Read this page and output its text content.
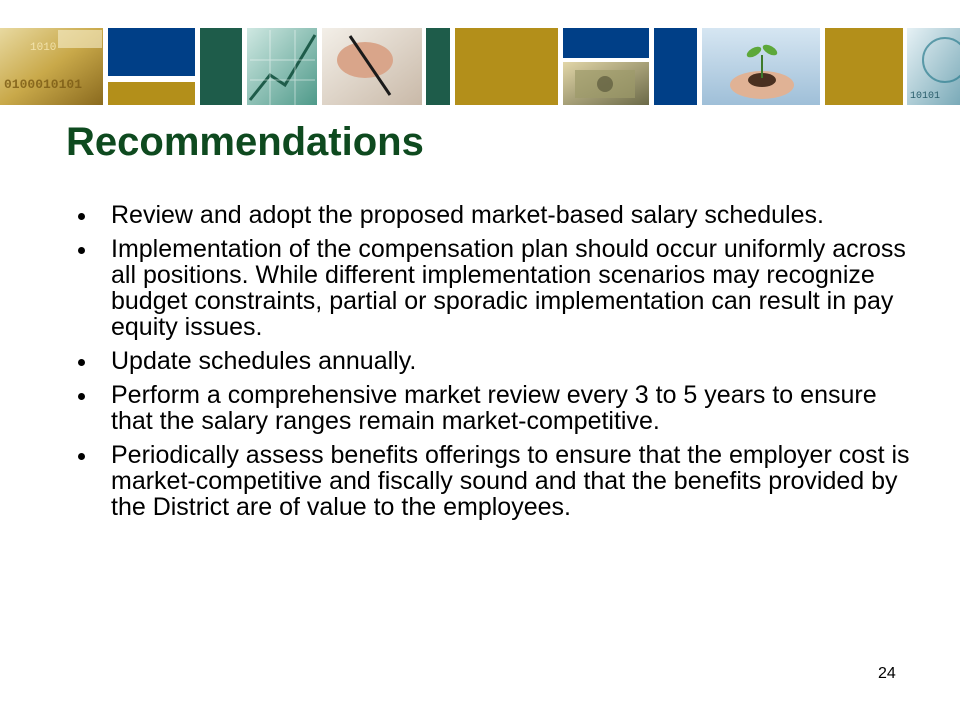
0100010101
1010
10101
Recommendations
Review and adopt the proposed market-based salary schedules.
Implementation of the compensation plan should occur uniformly across all positions. While different implementation scenarios may recognize budget constraints, partial or sporadic implementation can result in pay equity issues.
Update schedules annually.
Perform a comprehensive market review every 3 to 5 years to ensure that the salary ranges remain market-competitive.
Periodically assess benefits offerings to ensure that the employer cost is market-competitive and fiscally sound and that the benefits provided by the District are of value to the employees.
24
